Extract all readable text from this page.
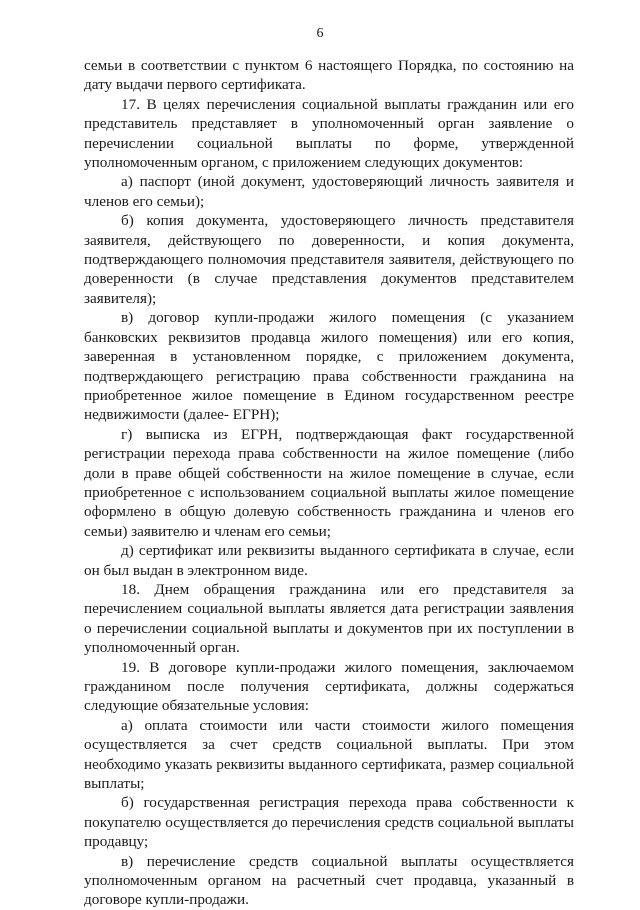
6

семьи в соответствии с пунктом 6 настоящего Порядка, по состоянию на дату выдачи первого сертификата.

17. В целях перечисления социальной выплаты гражданин или его представитель представляет в уполномоченный орган заявление о перечислении социальной выплаты по форме, утвержденной уполномоченным органом, с приложением следующих документов:

а) паспорт (иной документ, удостоверяющий личность заявителя и членов его семьи);

б) копия документа, удостоверяющего личность представителя заявителя, действующего по доверенности, и копия документа, подтверждающего полномочия представителя заявителя, действующего по доверенности (в случае представления документов представителем заявителя);

в) договор купли-продажи жилого помещения (с указанием банковских реквизитов продавца жилого помещения) или его копия, заверенная в установленном порядке, с приложением документа, подтверждающего регистрацию права собственности гражданина на приобретенное жилое помещение в Едином государственном реестре недвижимости (далее- ЕГРН);

г) выписка из ЕГРН, подтверждающая факт государственной регистрации перехода права собственности на жилое помещение (либо доли в праве общей собственности на жилое помещение в случае, если приобретенное с использованием социальной выплаты жилое помещение оформлено в общую долевую собственность гражданина и членов его семьи) заявителю и членам его семьи;

д) сертификат или реквизиты выданного сертификата в случае, если он был выдан в электронном виде.

18. Днем обращения гражданина или его представителя за перечислением социальной выплаты является дата регистрации заявления о перечислении социальной выплаты и документов при их поступлении в уполномоченный орган.

19. В договоре купли-продажи жилого помещения, заключаемом гражданином после получения сертификата, должны содержаться следующие обязательные условия:

а) оплата стоимости или части стоимости жилого помещения осуществляется за счет средств социальной выплаты. При этом необходимо указать реквизиты выданного сертификата, размер социальной выплаты;

б) государственная регистрация перехода права собственности к покупателю осуществляется до перечисления средств социальной выплаты продавцу;

в) перечисление средств социальной выплаты осуществляется уполномоченным органом на расчетный счет продавца, указанный в договоре купли-продажи.
